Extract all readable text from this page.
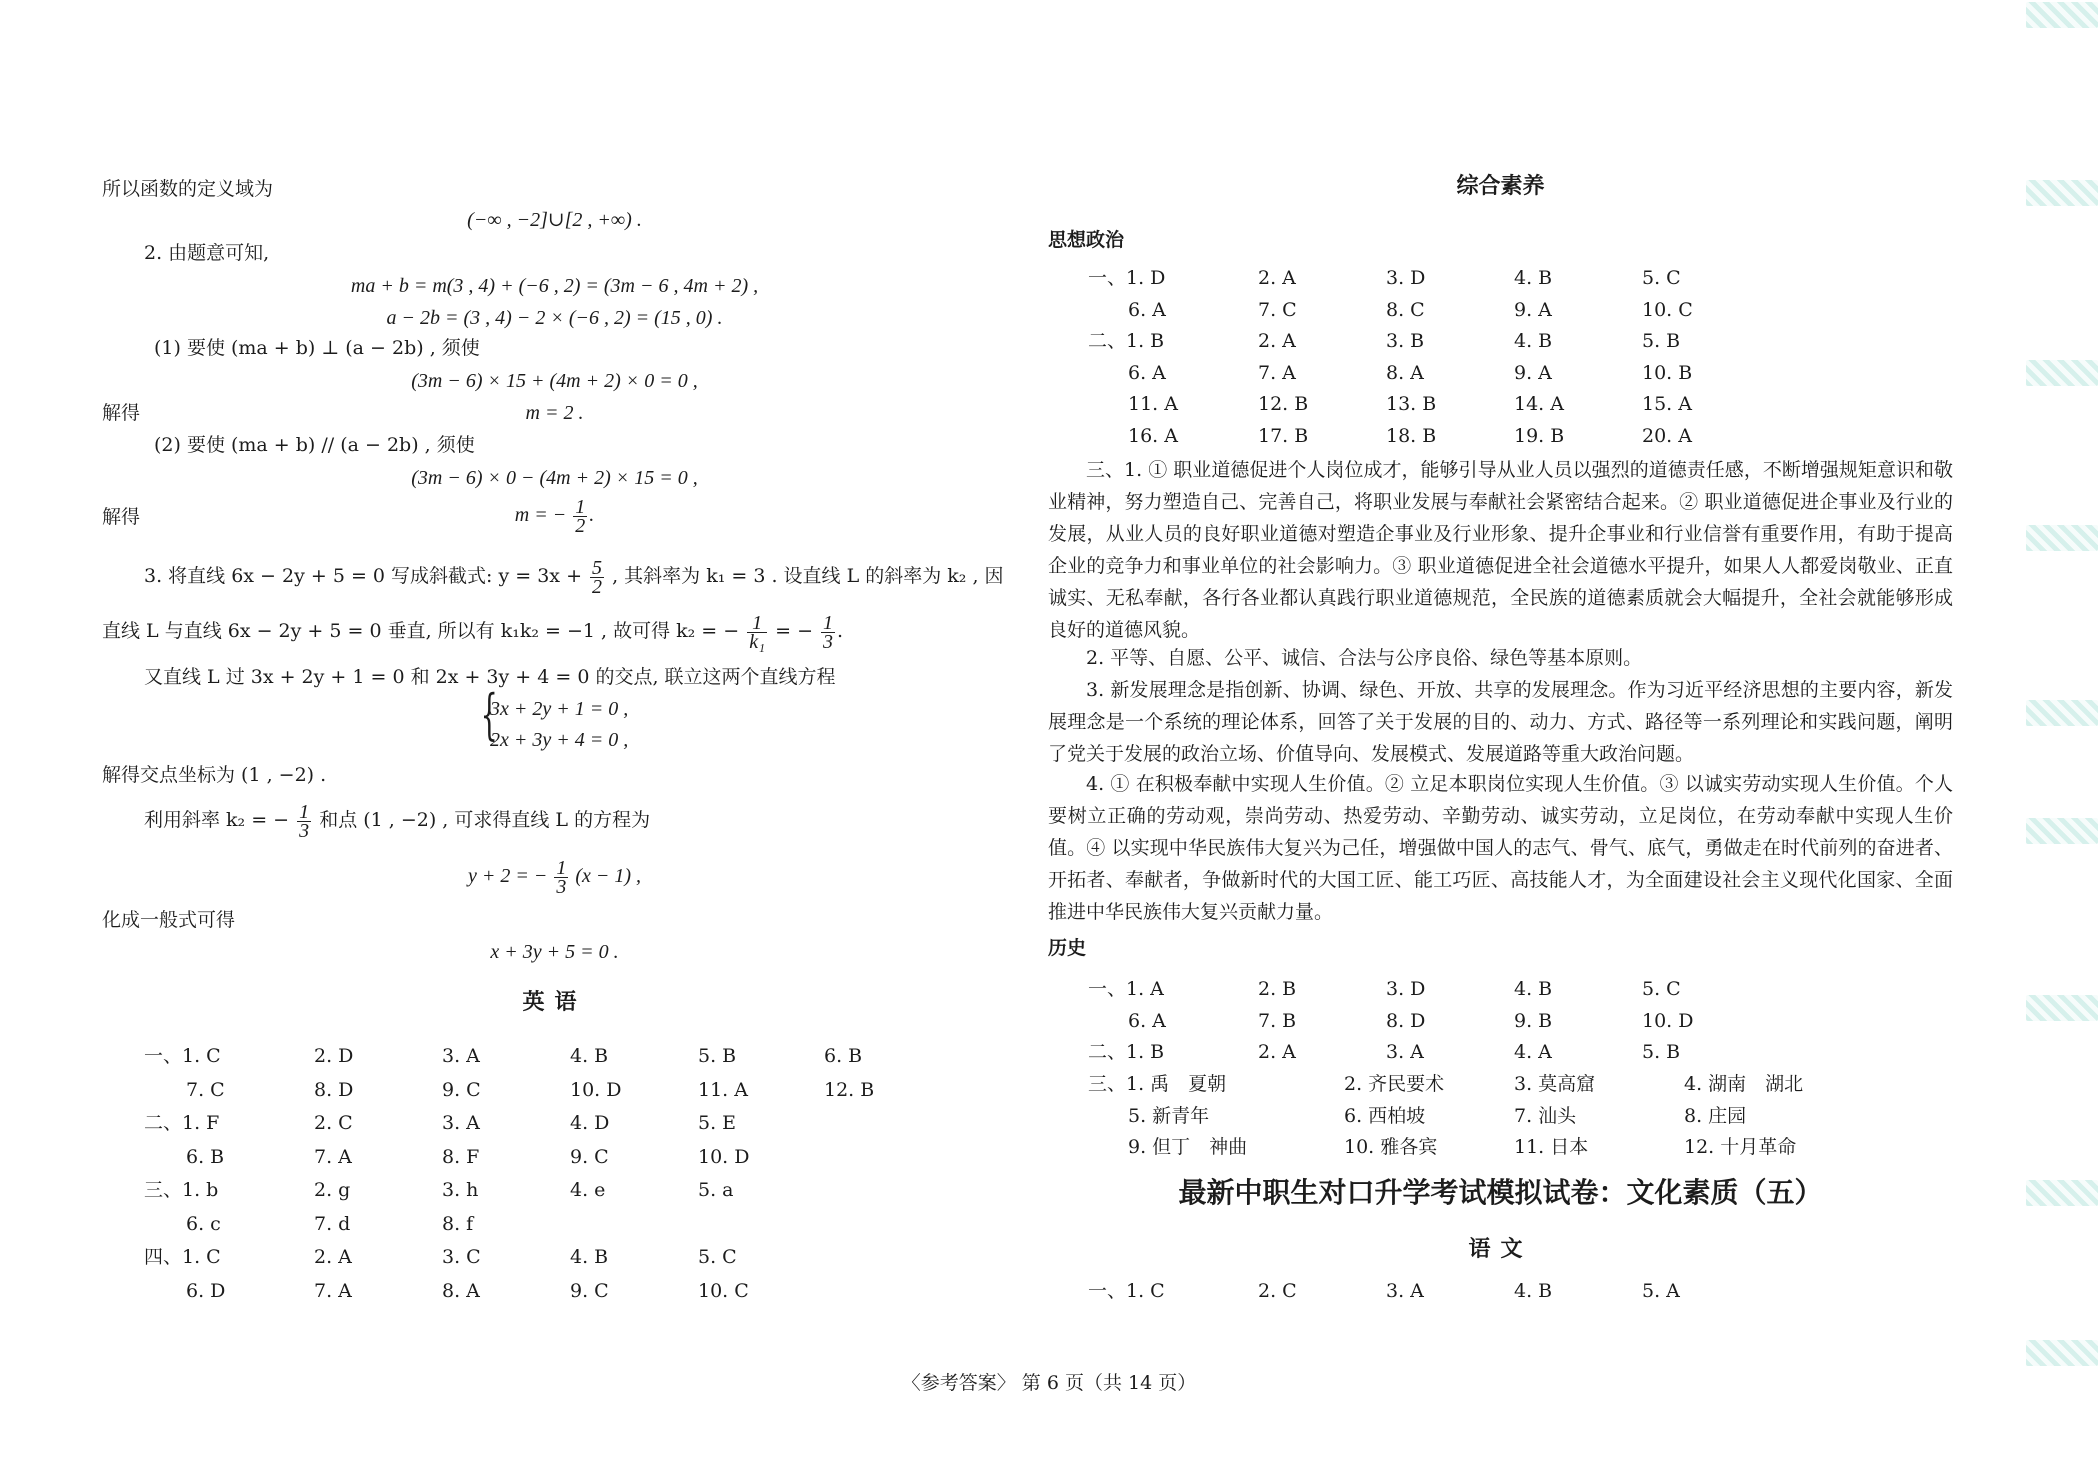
所以函数的定义域为
(−∞ , −2]∪[2 , +∞) .
2. 由题意可知,
ma + b = m(3 , 4) + (−6 , 2) = (3m − 6 , 4m + 2) ,
a − 2b = (3 , 4) − 2 × (−6 , 2) = (15 , 0) .
(1) 要使 (ma + b) ⊥ (a − 2b) , 须使
(3m − 6) × 15 + (4m + 2) × 0 = 0 ,
解得	m = 2 .
(2) 要使 (ma + b) // (a − 2b) , 须使
(3m − 6) × 0 − (4m + 2) × 15 = 0 ,
解得	m = − $\frac{1}{2}$ .
3. 将直线 6x − 2y + 5 = 0 写成斜截式: $y = 3x + \frac{5}{2}$ , 其斜率为 k₁ = 3 . 设直线 L 的斜率为 k₂ , 因
直线 L 与直线 6x − 2y + 5 = 0 垂直, 所以有 k₁k₂ = −1 , 故可得 k₂ = − $\frac{1}{\text{k₁}}$ = − $\frac{1}{3}$ .
又直线 L 过 3x + 2y + 1 = 0 和 2x + 3y + 4 = 0 的交点, 联立这两个直线方程
{
3x + 2y + 1 = 0 ,
2x + 3y + 4 = 0 ,
解得交点坐标为 (1 , −2) .
利用斜率 k₂ = − $\frac{1}{3}$ 和点 (1 , −2) , 可求得直线 L 的方程为
y + 2 = − $\frac{1}{3} (x - 1)$ ,
化成一般式可得
x + 3y + 5 = 0 .
英语
一、1. C	2. D	3. A	4. B	5. B	6. B
7. C	8. D	9. C	10. D	11. A	12. B
二、1. F	2. C	3. A	4. D	5. E
6. B	7. A	8. F	9. C	10. D
三、1. b	2. g	3. h	4. e	5. a
6. c	7. d	8. f
四、1. C	2. A	3. C	4. B	5. C
6. D	7. A	8. A	9. C	10. C
综合素养
思想政治
一、1. D	2. A	3. D	4. B	5. C
6. A	7. C	8. C	9. A	10. C
二、1. B	2. A	3. B	4. B	5. B
6. A	7. A	8. A	9. A	10. B
11. A	12. B	13. B	14. A	15. A
16. A	17. B	18. B	19. B	20. A
三、1. ① 职业道德促进个人岗位成才，能够引导从业人员以强烈的道德责任感，不断增强规矩意识和敬业精神，努力塑造自己、完善自己，将职业发展与奉献社会紧密结合起来。② 职业道德促进企事业及行业的发展，从业人员的良好职业道德对塑造企事业及行业形象、提升企事业和行业信誉有重要作用，有助于提高企业的竞争力和事业单位的社会影响力。③ 职业道德促进全社会道德水平提升，如果人人都爱岗敬业、正直诚实、无私奉献，各行各业都认真践行职业道德规范，全民族的道德素质就会大幅提升，全社会就能够形成良好的道德风貌。
2. 平等、自愿、公平、诚信、合法与公序良俗、绿色等基本原则。
3. 新发展理念是指创新、协调、绿色、开放、共享的发展理念。作为习近平经济思想的主要内容，新发展理念是一个系统的理论体系，回答了关于发展的目的、动力、方式、路径等一系列理论和实践问题，阐明了党关于发展的政治立场、价值导向、发展模式、发展道路等重大政治问题。
4. ① 在积极奉献中实现人生价值。② 立足本职岗位实现人生价值。③ 以诚实劳动实现人生价值。个人要树立正确的劳动观，崇尚劳动、热爱劳动、辛勤劳动、诚实劳动，立足岗位，在劳动奉献中实现人生价值。④ 以实现中华民族伟大复兴为己任，增强做中国人的志气、骨气、底气，勇做走在时代前列的奋进者、开拓者、奉献者，争做新时代的大国工匠、能工巧匠、高技能人才，为全面建设社会主义现代化国家、全面推进中华民族伟大复兴贡献力量。
历史
一、1. A	2. B	3. D	4. B	5. C
6. A	7. B	8. D	9. B	10. D
二、1. B	2. A	3. A	4. A	5. B
三、1. 禹　夏朝	2. 齐民要术	3. 莫高窟	4. 湖南　湖北
5. 新青年	6. 西柏坡	7. 汕头	8. 庄园
9. 但丁　神曲	10. 雅各宾	11. 日本	12. 十月革命
语文
一、1. C	2. C	3. A	4. B	5. A
最新中职生对口升学考试模拟试卷：文化素质（五）
〈参考答案〉 第 6 页（共 14 页）
